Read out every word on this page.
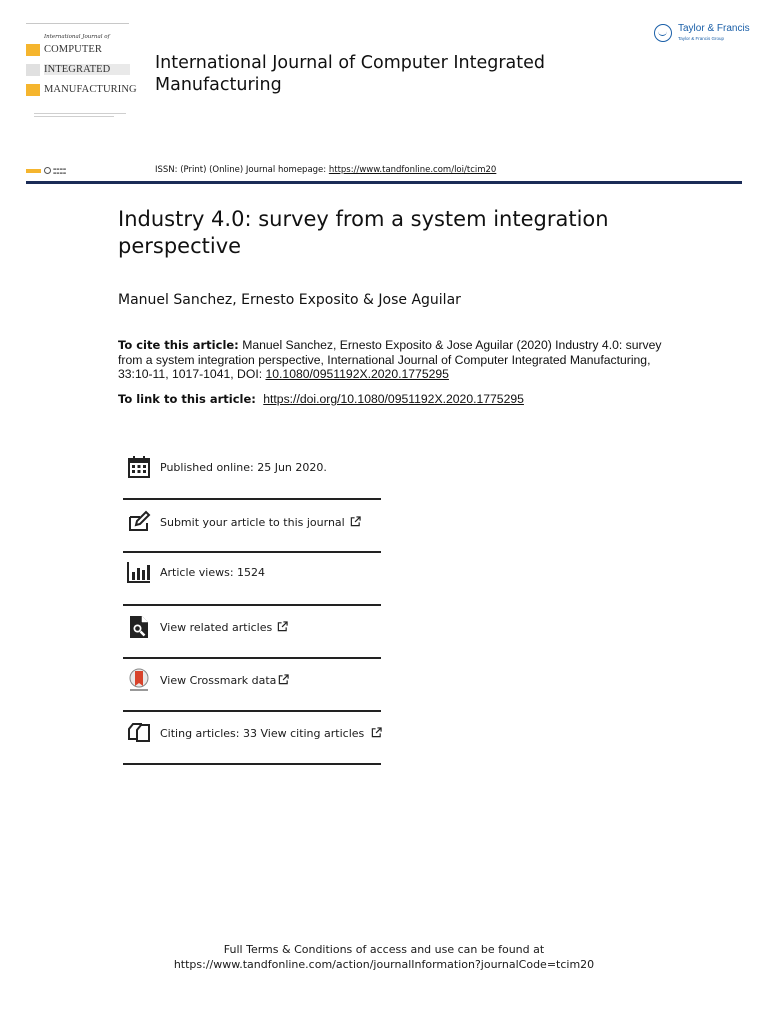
International Journal of
COMPUTER
INTEGRATED
MANUFACTURING
International Journal of Computer Integrated
Manufacturing
Taylor & Francis
Taylor & Francis Group
▬▬▬▬
▬▬▬▬	ISSN: (Print) (Online) Journal homepage: https://www.tandfonline.com/loi/tcim20
Industry 4.0: survey from a system integration
perspective
Manuel Sanchez, Ernesto Exposito & Jose Aguilar
To cite this article: Manuel Sanchez, Ernesto Exposito & Jose Aguilar (2020) Industry 4.0: survey from a system integration perspective, International Journal of Computer Integrated Manufacturing, 33:10-11, 1017-1041, DOI: 10.1080/0951192X.2020.1775295
To link to this article: https://doi.org/10.1080/0951192X.2020.1775295
Published online: 25 Jun 2020.
Submit your article to this journal
Article views: 1524
View related articles
View Crossmark data
Citing articles: 33 View citing articles
Full Terms & Conditions of access and use can be found at
https://www.tandfonline.com/action/journalInformation?journalCode=tcim20
